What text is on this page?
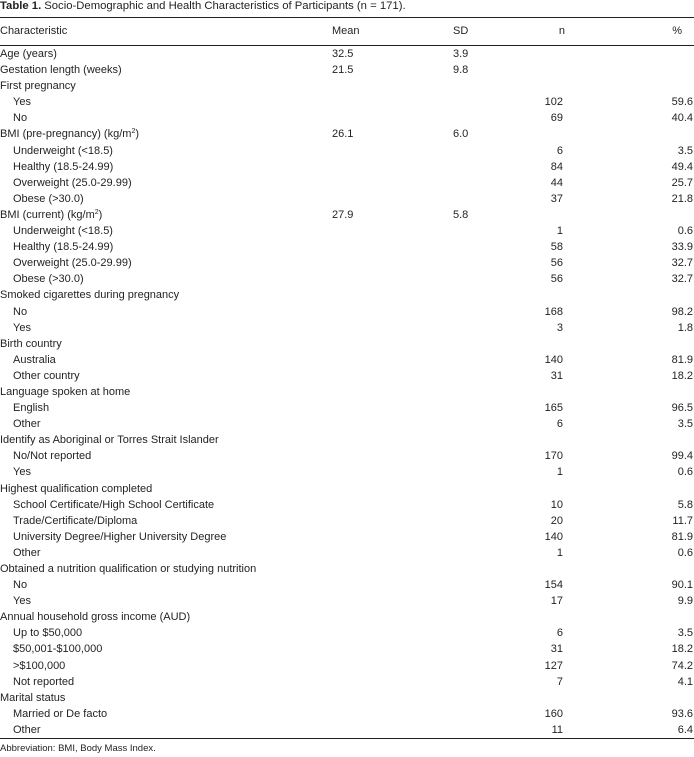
Table 1. Socio-Demographic and Health Characteristics of Participants (n = 171).
Characteristic	Mean	SD	n	%
Age (years)	32.5	3.9		
Gestation length (weeks)	21.5	9.8		
First pregnancy				
Yes			102	59.6
No			69	40.4
BMI (pre-pregnancy) $(kg/m^2)$	26.1	6.0		
Underweight (<18.5)			6	3.5
Healthy (18.5-24.99)			84	49.4
Overweight (25.0-29.99)			44	25.7
Obese (>30.0)			37	21.8
BMI (current) $(kg/m^2)$	27.9	5.8		
Underweight (<18.5)			1	0.6
Healthy (18.5-24.99)			58	33.9
Overweight (25.0-29.99)			56	32.7
Obese (>30.0)			56	32.7
Smoked cigarettes during pregnancy				
No			168	98.2
Yes			3	1.8
Birth country				
Australia			140	81.9
Other country			31	18.2
Language spoken at home				
English			165	96.5
Other			6	3.5
Identify as Aboriginal or Torres Strait Islander				
No/Not reported			170	99.4
Yes			1	0.6
Highest qualification completed				
School Certificate/High School Certificate			10	5.8
Trade/Certificate/Diploma			20	11.7
University Degree/Higher University Degree			140	81.9
Other			1	0.6
Obtained a nutrition qualification or studying nutrition				
No			154	90.1
Yes			17	9.9
Annual household gross income (AUD)				
Up to $50,000			6	3.5
$50,001-$100,000			31	18.2
>$100,000			127	74.2
Not reported			7	4.1
Marital status				
Married or De facto			160	93.6
Other			11	6.4
Abbreviation: BMI, Body Mass Index.
